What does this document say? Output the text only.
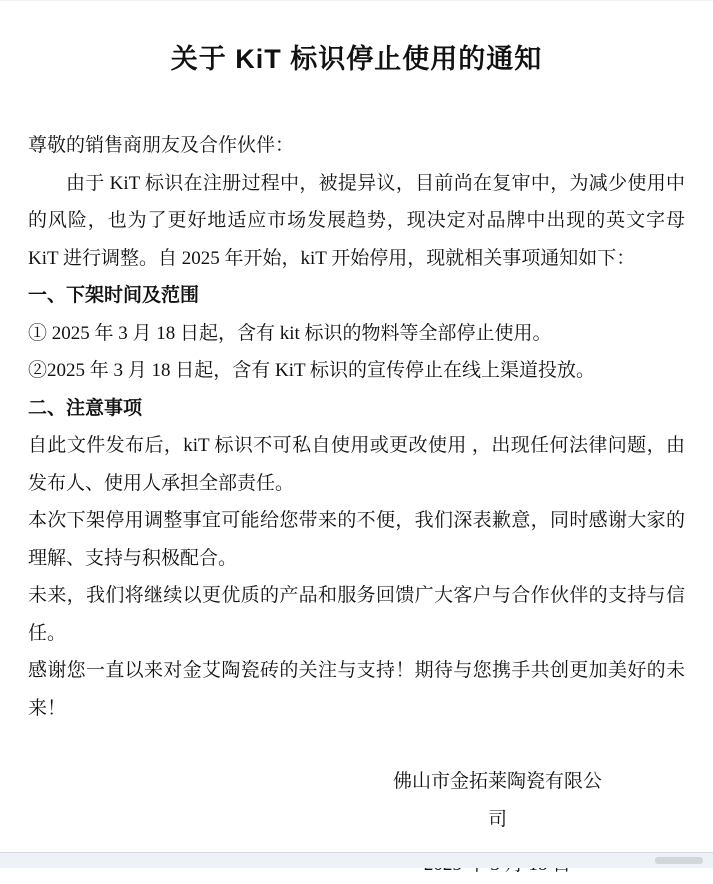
关于 KiT 标识停止使用的通知

尊敬的销售商朋友及合作伙伴：

由于 KiT 标识在注册过程中，被提异议，目前尚在复审中，为减少使用中的风险，也为了更好地适应市场发展趋势，现决定对品牌中出现的英文字母 KiT 进行调整。自 2025 年开始，kiT 开始停用，现就相关事项通知如下：

一、下架时间及范围

① 2025 年 3 月 18 日起，含有 kit 标识的物料等全部停止使用。

②2025 年 3 月 18 日起，含有 KiT 标识的宣传停止在线上渠道投放。

二、注意事项

自此文件发布后，kiT 标识不可私自使用或更改使用 ，出现任何法律问题，由发布人、使用人承担全部责任。

本次下架停用调整事宜可能给您带来的不便，我们深表歉意，同时感谢大家的理解、支持与积极配合。

未来，我们将继续以更优质的产品和服务回馈广大客户与合作伙伴的支持与信任。

感谢您一直以来对金艾陶瓷砖的关注与支持！期待与您携手共创更加美好的未来！

佛山市金拓莱陶瓷有限公司
